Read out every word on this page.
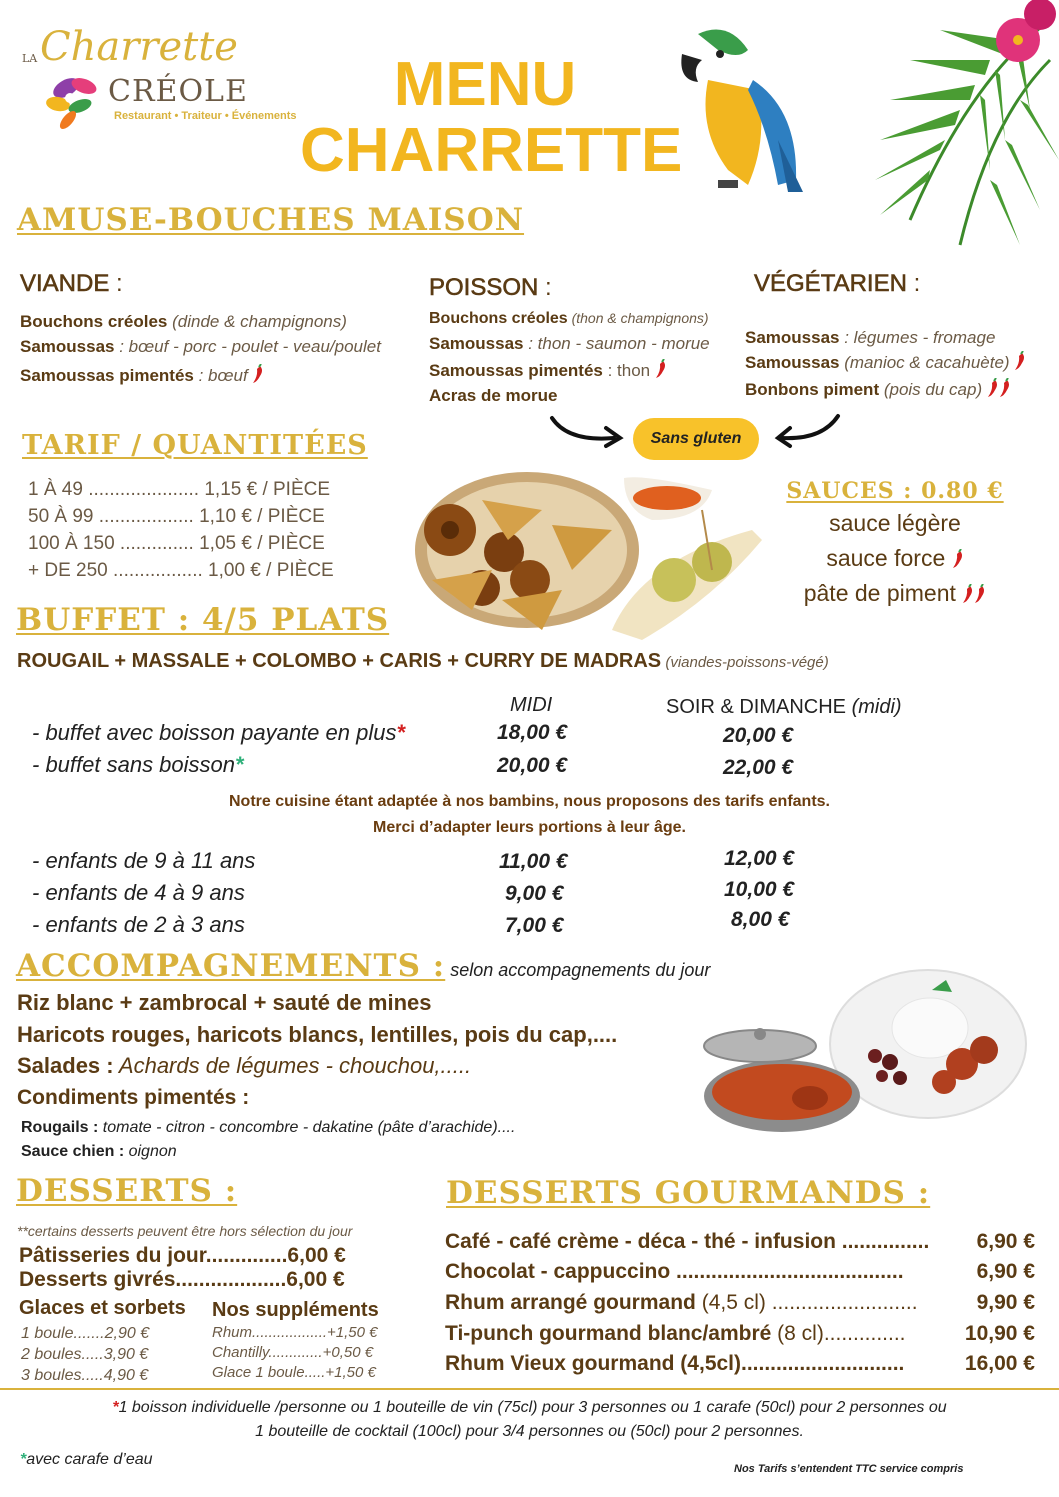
LA Charrette
CRÉOLE
Restaurant • Traiteur • Événements	MENU
CHARRETTE
AMUSE-BOUCHES MAISON
VIANDE :
Bouchons créoles (dinde & champignons)
Samoussas : bœuf - porc - poulet - veau/poulet
Samoussas pimentés : bœuf
POISSON :
Bouchons créoles (thon & champignons)
Samoussas : thon - saumon - morue
Samoussas pimentés : thon
Acras de morue
VÉGÉTARIEN :
Samoussas : légumes - fromage
Samoussas (manioc & cacahuète)
Bonbons piment (pois du cap)
Sans gluten
TARIF / QUANTITÉES
1 À 49 ..................... 1,15 € / PIÈCE
50 À 99 .................. 1,10 € / PIÈCE
100 À 150 .............. 1,05 € / PIÈCE
+ DE 250 ................. 1,00 € / PIÈCE
SAUCES : 0.80 €
sauce légère
sauce force
pâte de piment
BUFFET : 4/5 PLATS
ROUGAIL + MASSALE + COLOMBO + CARIS + CURRY DE MADRAS (viandes-poissons-végé)
MIDI	SOIR & DIMANCHE (midi)
- buffet avec boisson payante en plus*	18,00 €	20,00 €
- buffet sans boisson*	20,00 €	22,00 €
Notre cuisine étant adaptée à nos bambins, nous proposons des tarifs enfants.
Merci d’adapter leurs portions à leur âge.
- enfants de 9 à 11 ans	11,00 €	12,00 €
- enfants de 4 à 9 ans	9,00 €	10,00 €
- enfants de 2 à 3 ans	7,00 €	8,00 €
ACCOMPAGNEMENTS : selon accompagnements du jour
Riz blanc + zambrocal + sauté de mines
Haricots rouges, haricots blancs, lentilles, pois du cap,....
Salades : Achards de légumes - chouchou,.....
Condiments pimentés :
Rougails : tomate - citron - concombre - dakatine (pâte d’arachide)....
Sauce chien : oignon
DESSERTS :
**certains desserts peuvent être hors sélection du jour
Pâtisseries du jour..............6,00 €
Desserts givrés...................6,00 €
Glaces et sorbets
1 boule.......2,90 €
2 boules.....3,90 €
3 boules.....4,90 €
Nos suppléments
Rhum..................+1,50 €
Chantilly.............+0,50 €
Glace 1 boule.....+1,50 €
DESSERTS GOURMANDS :
Café - café crème - déca - thé - infusion ............... 6,90 €
Chocolat - cappuccino .......................................	6,90 €
Rhum arrangé gourmand (4,5 cl) .........................	9,90 €
Ti-punch gourmand blanc/ambré (8 cl)..............	10,90 €
Rhum Vieux gourmand (4,5cl)............................	16,00 €
*1 boisson individuelle /personne ou 1 bouteille de vin (75cl) pour 3 personnes ou 1 carafe (50cl) pour 2 personnes ou
1 bouteille de cocktail (100cl) pour 3/4 personnes ou (50cl) pour 2 personnes.
*avec carafe d’eau
Nos Tarifs s’entendent TTC service compris
